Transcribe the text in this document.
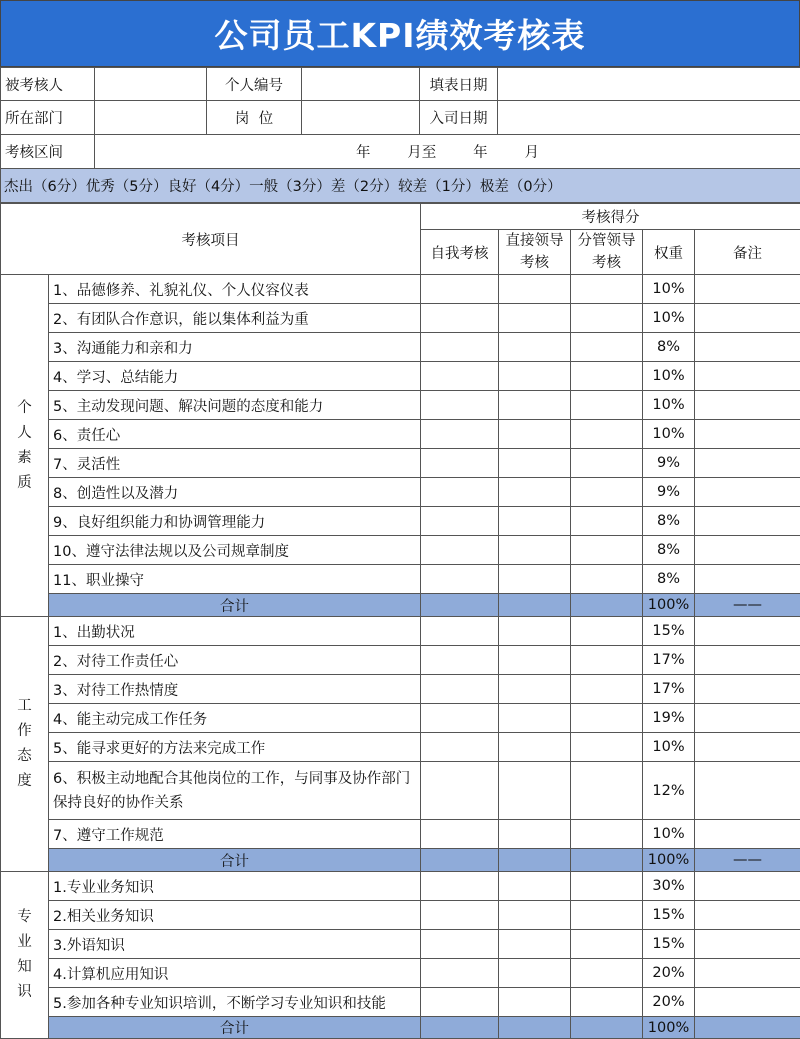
公司员工KPI绩效考核表
被考核人		个人编号		填表日期	
所在部门		岗  位		入司日期	
考核区间	年        月至        年        月				
杰出（6分）优秀（5分）良好（4分）一般（3分）差（2分）较差（1分）极差（0分）					
考核项目		考核得分				
		自我考核	直接领导考核	分管领导考核	权重	备注

个
人
素
质	1、品德修养、礼貌礼仪、个人仪容仪表				10%	
	2、有团队合作意识，能以集体利益为重				10%	
	3、沟通能力和亲和力				8%	
	4、学习、总结能力				10%	
	5、主动发现问题、解决问题的态度和能力				10%	
	6、责任心				10%	
	7、灵活性				9%	
	8、创造性以及潜力				9%	
	9、良好组织能力和协调管理能力				8%	
	10、遵守法律法规以及公司规章制度				8%	
	11、职业操守				8%	
	合计				100%	——

工
作
态
度	1、出勤状况				15%	
	2、对待工作责任心				17%	
	3、对待工作热情度				17%	
	4、能主动完成工作任务				19%	
	5、能寻求更好的方法来完成工作				10%	
	6、积极主动地配合其他岗位的工作，与同事及协作部门保持良好的协作关系				12%	
	7、遵守工作规范				10%	
	合计				100%	——

专
业
知
识	1.专业业务知识				30%	
	2.相关业务知识				15%	
	3.外语知识				15%	
	4.计算机应用知识				20%	
	5.参加各种专业知识培训，不断学习专业知识和技能				20%	
	合计				100%	
